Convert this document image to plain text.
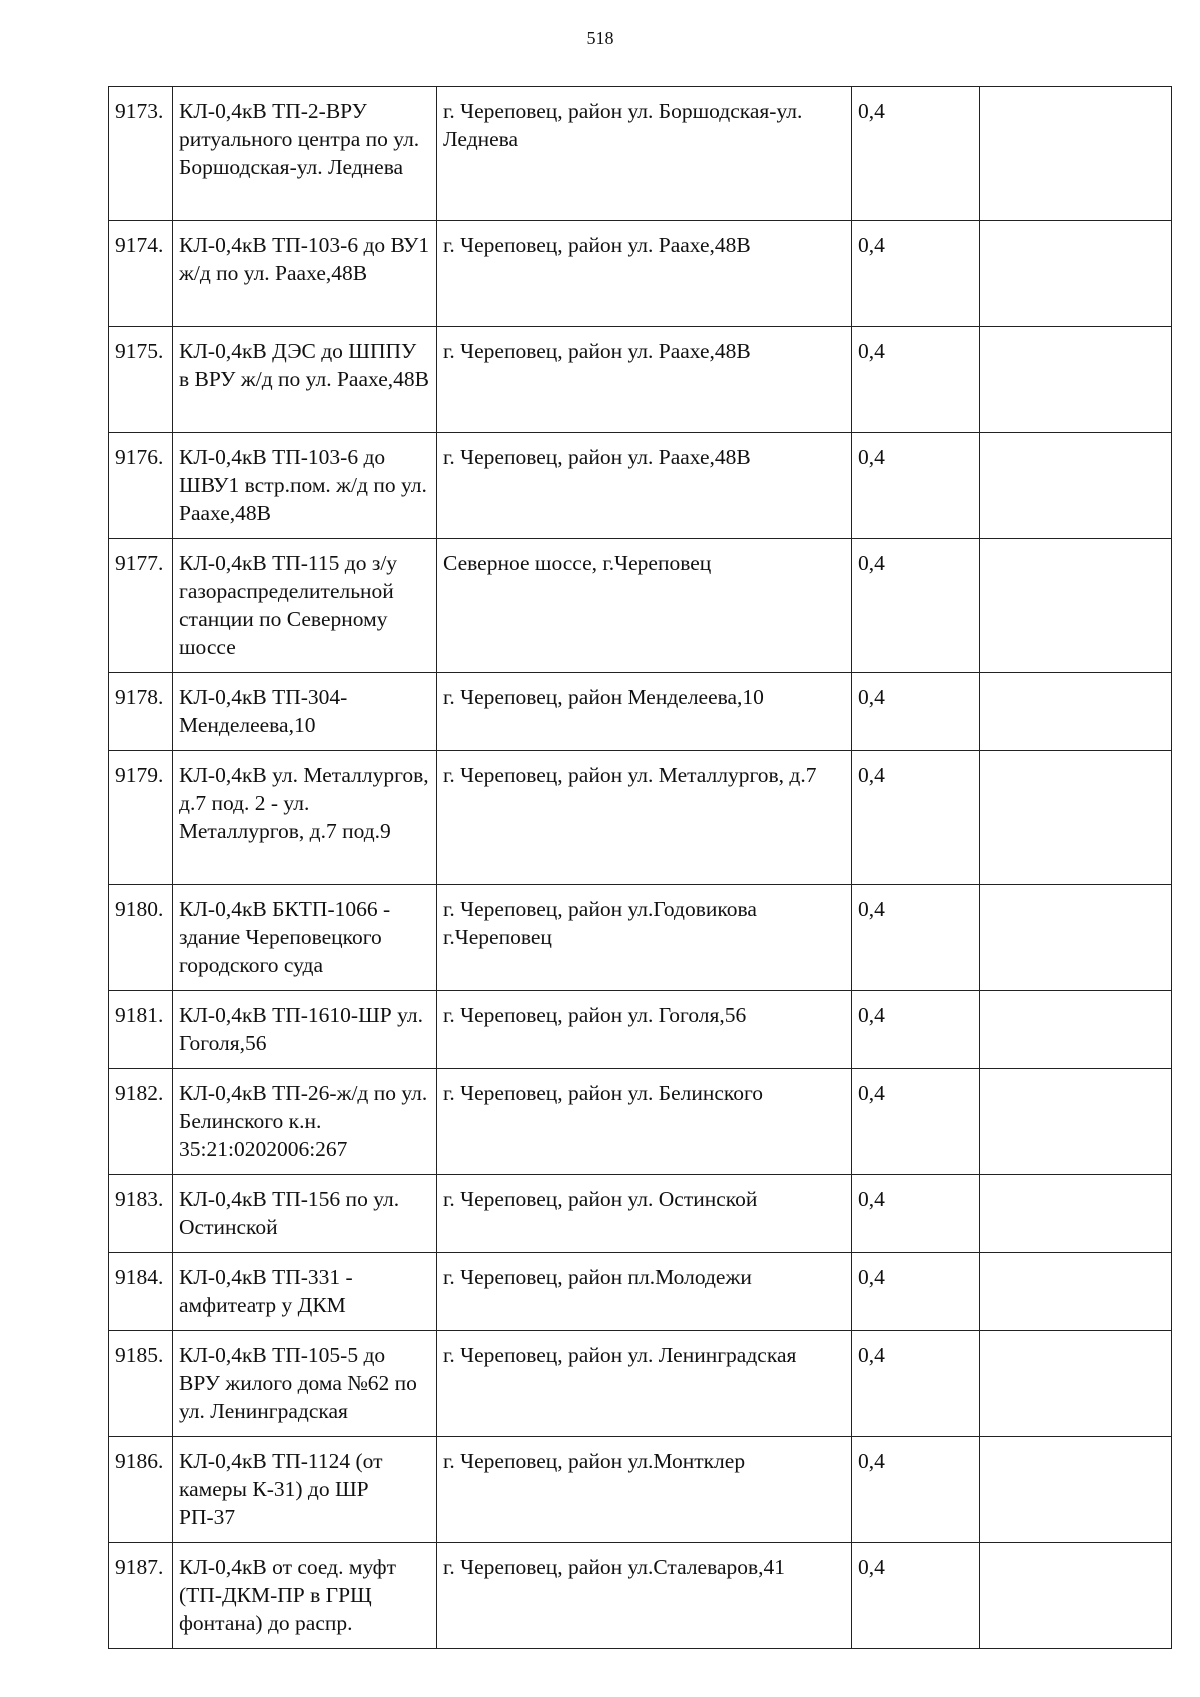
518
9173.	КЛ-0,4кВ ТП-2-ВРУ ритуального центра по ул. Боршодская-ул. Леднева	г. Череповец, район ул. Боршодская-ул. Леднева	0,4	
9174.	КЛ-0,4кВ ТП-103-6 до ВУ1 ж/д по ул. Раахе,48В	г. Череповец, район ул. Раахе,48В	0,4	
9175.	КЛ-0,4кВ ДЭС до ШППУ в ВРУ ж/д по ул. Раахе,48В	г. Череповец, район ул. Раахе,48В	0,4	
9176.	КЛ-0,4кВ ТП-103-6 до ШВУ1 встр.пом. ж/д по ул. Раахе,48В	г. Череповец, район ул. Раахе,48В	0,4	
9177.	КЛ-0,4кВ ТП-115 до з/у газораспределительной станции по Северному шоссе	Северное шоссе, г.Череповец	0,4	
9178.	КЛ-0,4кВ ТП-304-Менделеева,10	г. Череповец, район Менделеева,10	0,4	
9179.	КЛ-0,4кВ ул. Металлургов, д.7 под. 2 - ул. Металлургов, д.7 под.9	г. Череповец, район ул. Металлургов, д.7	0,4	
9180.	КЛ-0,4кВ БКТП-1066 - здание Череповецкого городского суда	г. Череповец, район ул.Годовикова г.Череповец	0,4	
9181.	КЛ-0,4кВ ТП-1610-ШР ул. Гоголя,56	г. Череповец, район ул. Гоголя,56	0,4	
9182.	КЛ-0,4кВ ТП-26-ж/д по ул. Белинского к.н. 35:21:0202006:267	г. Череповец, район ул. Белинского	0,4	
9183.	КЛ-0,4кВ ТП-156 по ул. Остинской	г. Череповец, район ул. Остинской	0,4	
9184.	КЛ-0,4кВ ТП-331 - амфитеатр у ДКМ	г. Череповец, район пл.Молодежи	0,4	
9185.	КЛ-0,4кВ ТП-105-5 до ВРУ жилого дома №62 по ул. Ленинградская	г. Череповец, район ул. Ленинградская	0,4	
9186.	КЛ-0,4кВ ТП-1124 (от камеры К-31) до ШР РП-37	г. Череповец, район ул.Монтклер	0,4	
9187.	КЛ-0,4кВ от соед. муфт (ТП-ДКМ-ПР в ГРЩ фонтана) до распр.	г. Череповец, район ул.Сталеваров,41	0,4	
